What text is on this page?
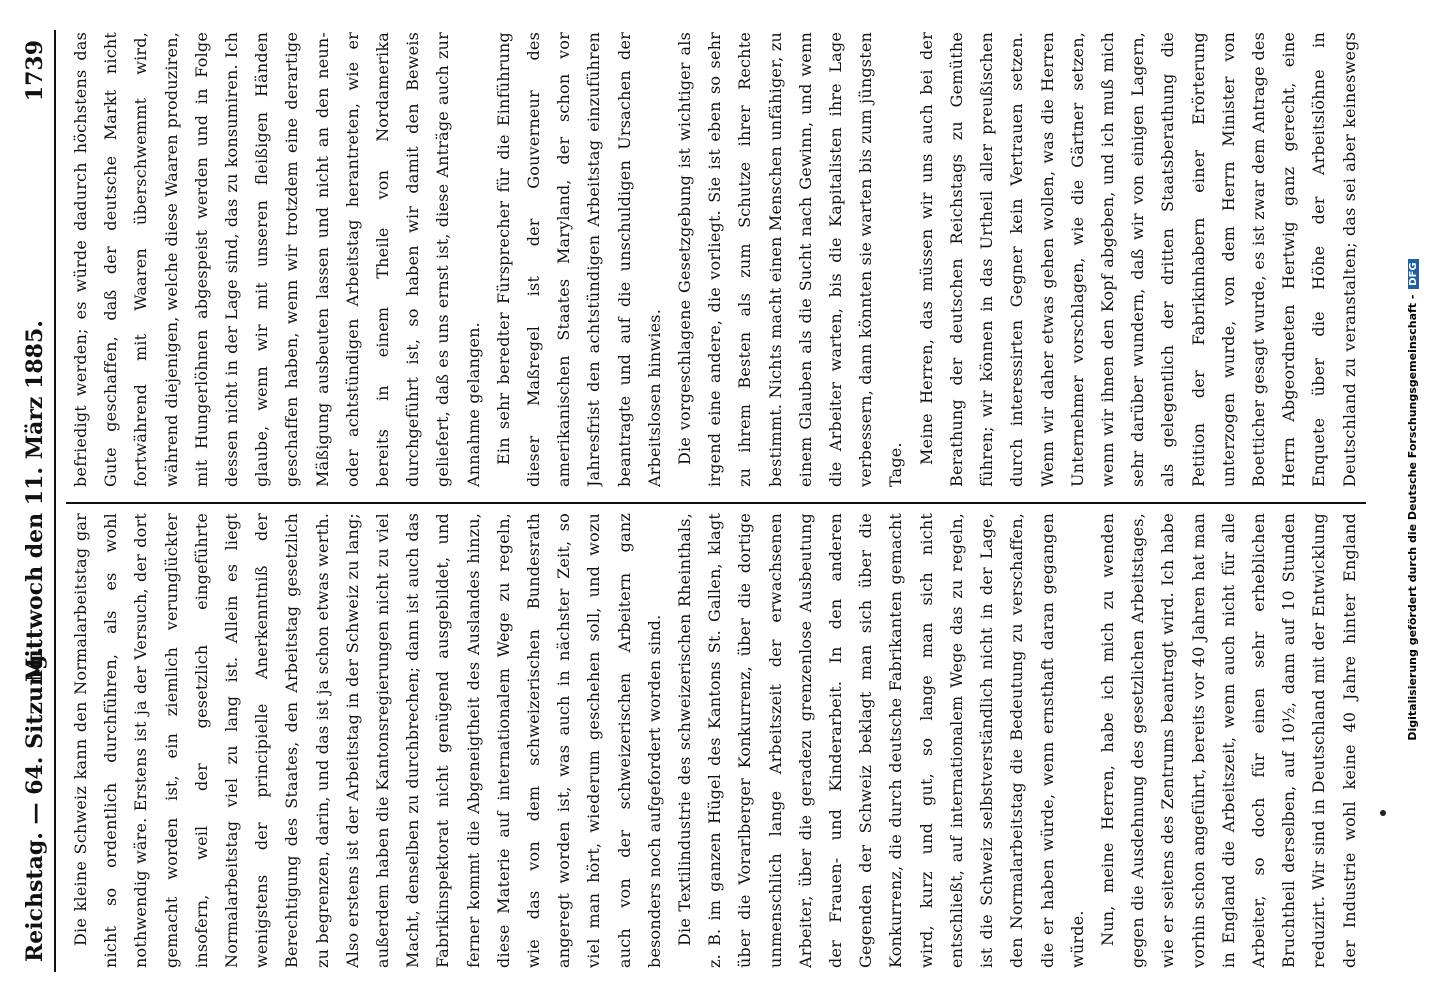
Reichstag. — 64. Sitzung.
Mittwoch den 11. März 1885.
1739

Die kleine Schweiz kann den Normalarbeitstag gar nicht so ordentlich durchführen, als es wohl nothwendig wäre. Erstens ist ja der Versuch, der dort gemacht worden ist, ein ziemlich verunglückter insofern, weil der gesetzlich eingeführte Normalarbeitstag viel zu lang ist. Allein es liegt wenigstens der principielle Anerkenntniß der Berechtigung des Staates, den Arbeitstag gesetzlich zu begrenzen, darin, und das ist ja schon etwas werth. Also erstens ist der Arbeitstag in der Schweiz zu lang; außerdem haben die Kantonsregierungen nicht zu viel Macht, denselben zu durchbrechen; dann ist auch das Fabrikinspektorat nicht genügend ausgebildet, und ferner kommt die Abgeneigtheit des Auslandes hinzu, diese Materie auf internationalem Wege zu regeln, wie das von dem schweizerischen Bundesrath angeregt worden ist, was auch in nächster Zeit, so viel man hört, wiederum geschehen soll, und wozu auch von der schweizerischen Arbeitern ganz besonders noch aufgefordert worden sind. Die Textilindustrie des schweizerischen Rheinthals, z. B. im ganzen Hügel des Kantons St. Gallen, klagt über die Vorarlberger Konkurrenz, über die dortige unmenschlich lange Arbeitszeit der erwachsenen Arbeiter, über die geradezu grenzenlose Ausbeutung der Frauen- und Kinderarbeit. In den anderen Gegenden der Schweiz beklagt man sich über die Konkurrenz, die durch deutsche Fabrikanten gemacht wird, kurz und gut, so lange man sich nicht entschließt, auf internationalem Wege das zu regeln, ist die Schweiz selbstverständlich nicht in der Lage, den Normalarbeitstag die Bedeutung zu verschaffen, die er haben würde, wenn ernsthaft daran gegangen würde. Nun, meine Herren, habe ich mich zu wenden gegen die Ausdehnung des gesetzlichen Arbeitstages, wie er seitens des Zentrums beantragt wird. Ich habe vorhin schon angeführt, bereits vor 40 Jahren hat man in England die Arbeitszeit, wenn auch nicht für alle Arbeiter, so doch für einen sehr erheblichen Bruchtheil derselben, auf 10½, dann auf 10 Stunden reduzirt. Wir sind in Deutschland mit der Entwicklung der Industrie wohl keine 40 Jahre hinter England

befriedigt werden; es würde dadurch höchstens das Gute geschaffen, daß der deutsche Markt nicht fortwährend mit Waaren überschwemmt wird, während diejenigen, welche diese Waaren produziren, mit Hungerlöhnen abgespeist werden und in Folge dessen nicht in der Lage sind, das zu konsumiren. Ich glaube, wenn wir mit unseren fleißigen Händen geschaffen haben, wenn wir trotzdem eine derartige Mäßigung ausbeuten lassen und nicht an den neun- oder achtstündigen Arbeitstag herantreten, wie er bereits in einem Theile von Nordamerika durchgeführt ist, so haben wir damit den Beweis geliefert, daß es uns ernst ist, diese Anträge auch zur Annahme gelangen. Ein sehr beredter Fürsprecher für die Einführung dieser Maßregel ist der Gouverneur des amerikanischen Staates Maryland, der schon vor Jahresfrist den achtstündigen Arbeitstag einzuführen beantragte und auf die unschuldigen Ursachen der Arbeitslosen hinwies. Die vorgeschlagene Gesetzgebung ist wichtiger als irgend eine andere, die vorliegt. Sie ist eben so sehr zu ihrem Besten als zum Schutze ihrer Rechte bestimmt. Nichts macht einen Menschen unfähiger, zu einem Glauben als die Sucht nach Gewinn, und wenn die Arbeiter warten, bis die Kapitalisten ihre Lage verbessern, dann könnten sie warten bis zum jüngsten Tage. Meine Herren, das müssen wir uns auch bei der Berathung der deutschen Reichstags zu Gemüthe führen; wir können in das Urtheil aller preußischen durch interessirten Gegner kein Vertrauen setzen. Wenn wir daher etwas gehen wollen, was die Herren Unternehmer vorschlagen, wie die Gärtner setzen, wenn wir ihnen den Kopf abgeben, und ich muß mich sehr darüber wundern, daß wir von einigen Lagern, als gelegentlich der dritten Staatsberathung die Petition der Fabrikinhabern einer Erörterung unterzogen wurde, von dem Herrn Minister von Boetticher gesagt wurde, es ist zwar dem Antrage des Herrn Abgeordneten Hertwig ganz gerecht, eine Enquete über die Höhe der Arbeitslöhne in Deutschland zu veranstalten; das sei aber keineswegs

Digitalisierung gefördert durch die Deutsche Forschungsgemeinschaft - DFG
